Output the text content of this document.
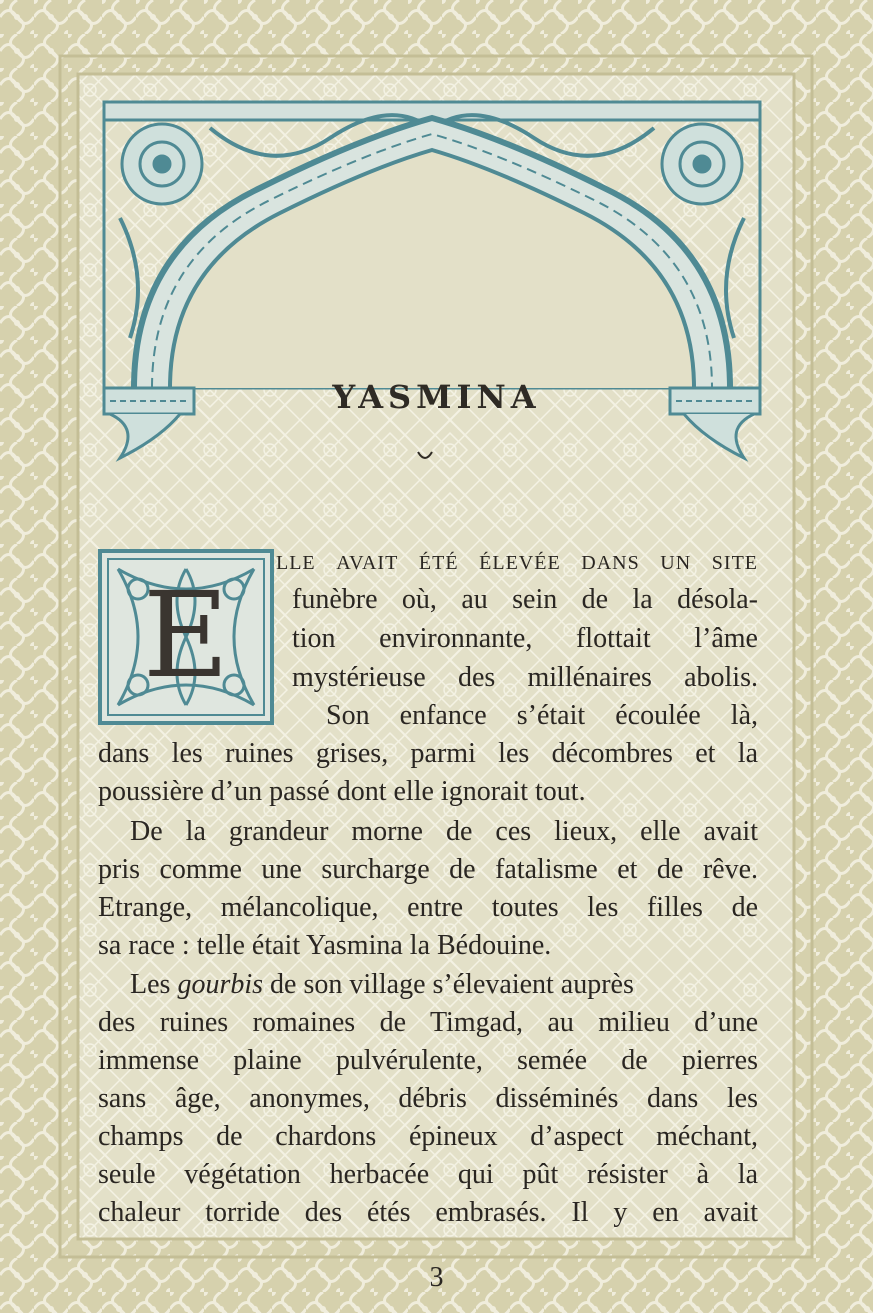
YASMINA
E
lle avait été élevée dans un site
funèbre où, au sein de la désola-
tion environnante, flottait l’âme
mystérieuse des millénaires abolis.
Son enfance s’était écoulée là,
dans les ruines grises, parmi les décombres et la
poussière d’un passé dont elle ignorait tout.
De la grandeur morne de ces lieux, elle avait
pris comme une surcharge de fatalisme et de rêve.
Etrange, mélancolique, entre toutes les filles de
sa race : telle était Yasmina la Bédouine.
Les gourbis de son village s’élevaient auprès
des ruines romaines de Timgad, au milieu d’une
immense plaine pulvérulente, semée de pierres
sans âge, anonymes, débris disséminés dans les
champs de chardons épineux d’aspect méchant,
seule végétation herbacée qui pût résister à la
chaleur torride des étés embrasés. Il y en avait
3
